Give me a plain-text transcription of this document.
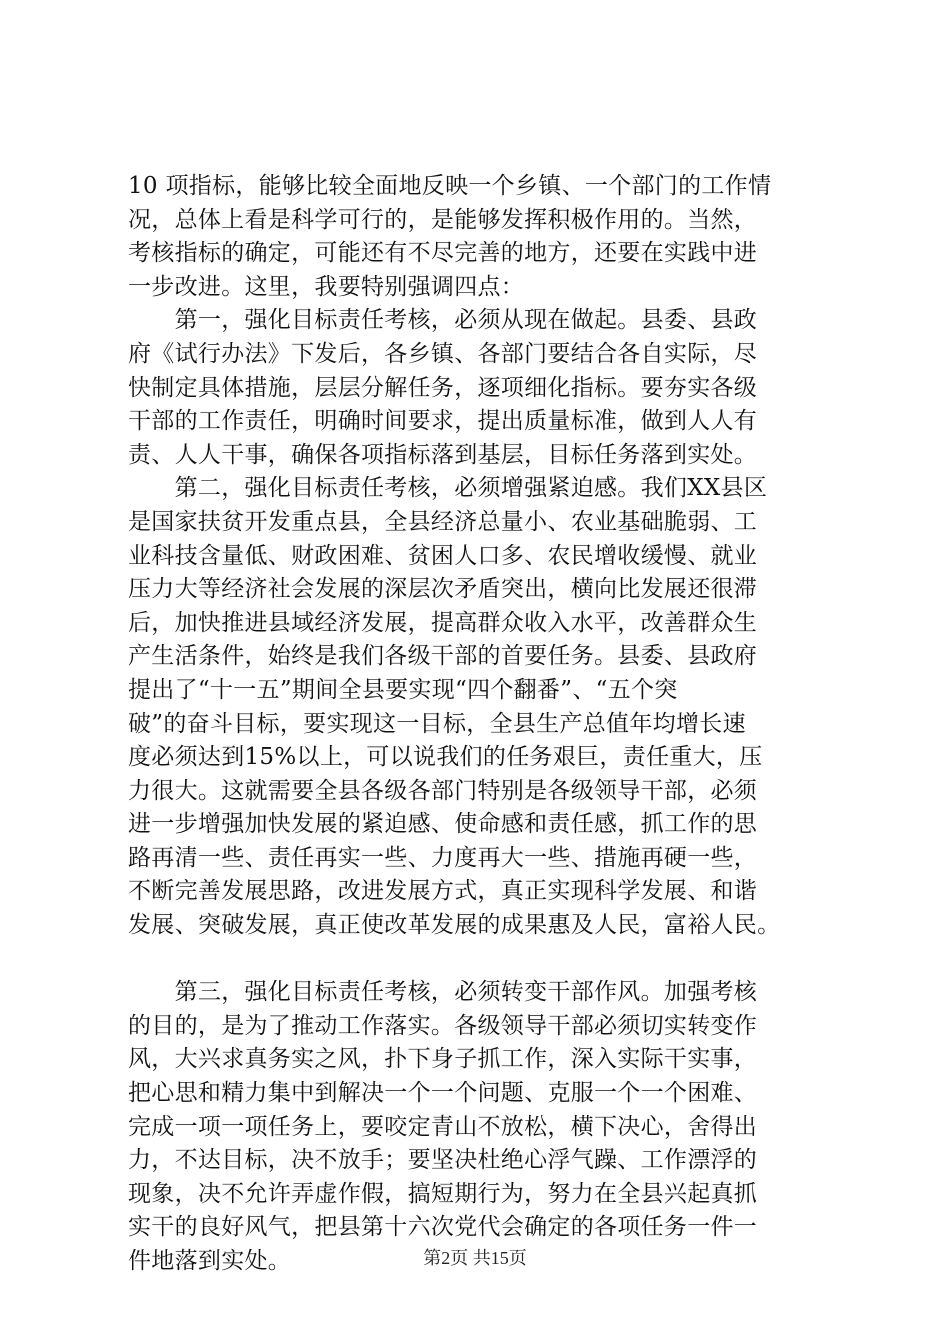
10 项指标，能够比较全面地反映一个乡镇、一个部门的工作情
况，总体上看是科学可行的，是能够发挥积极作用的。当然，
考核指标的确定，可能还有不尽完善的地方，还要在实践中进
一步改进。这里，我要特别强调四点：
　　第一，强化目标责任考核，必须从现在做起。县委、县政
府《试行办法》下发后，各乡镇、各部门要结合各自实际，尽
快制定具体措施，层层分解任务，逐项细化指标。要夯实各级
干部的工作责任，明确时间要求，提出质量标准，做到人人有
责、人人干事，确保各项指标落到基层，目标任务落到实处。
　　第二，强化目标责任考核，必须增强紧迫感。我们XX县区
是国家扶贫开发重点县，全县经济总量小、农业基础脆弱、工
业科技含量低、财政困难、贫困人口多、农民增收缓慢、就业
压力大等经济社会发展的深层次矛盾突出，横向比发展还很滞
后，加快推进县域经济发展，提高群众收入水平，改善群众生
产生活条件，始终是我们各级干部的首要任务。县委、县政府
提出了“十一五”期间全县要实现“四个翻番”、“五个突
破”的奋斗目标，要实现这一目标，全县生产总值年均增长速
度必须达到15%以上，可以说我们的任务艰巨，责任重大，压
力很大。这就需要全县各级各部门特别是各级领导干部，必须
进一步增强加快发展的紧迫感、使命感和责任感，抓工作的思
路再清一些、责任再实一些、力度再大一些、措施再硬一些，
不断完善发展思路，改进发展方式，真正实现科学发展、和谐
发展、突破发展，真正使改革发展的成果惠及人民，富裕人民。
　　第三，强化目标责任考核，必须转变干部作风。加强考核
的目的，是为了推动工作落实。各级领导干部必须切实转变作
风，大兴求真务实之风，扑下身子抓工作，深入实际干实事，
把心思和精力集中到解决一个一个问题、克服一个一个困难、
完成一项一项任务上，要咬定青山不放松，横下决心，舍得出
力，不达目标，决不放手；要坚决杜绝心浮气躁、工作漂浮的
现象，决不允许弄虚作假，搞短期行为，努力在全县兴起真抓
实干的良好风气，把县第十六次党代会确定的各项任务一件一
件地落到实处。	第2页 共15页
